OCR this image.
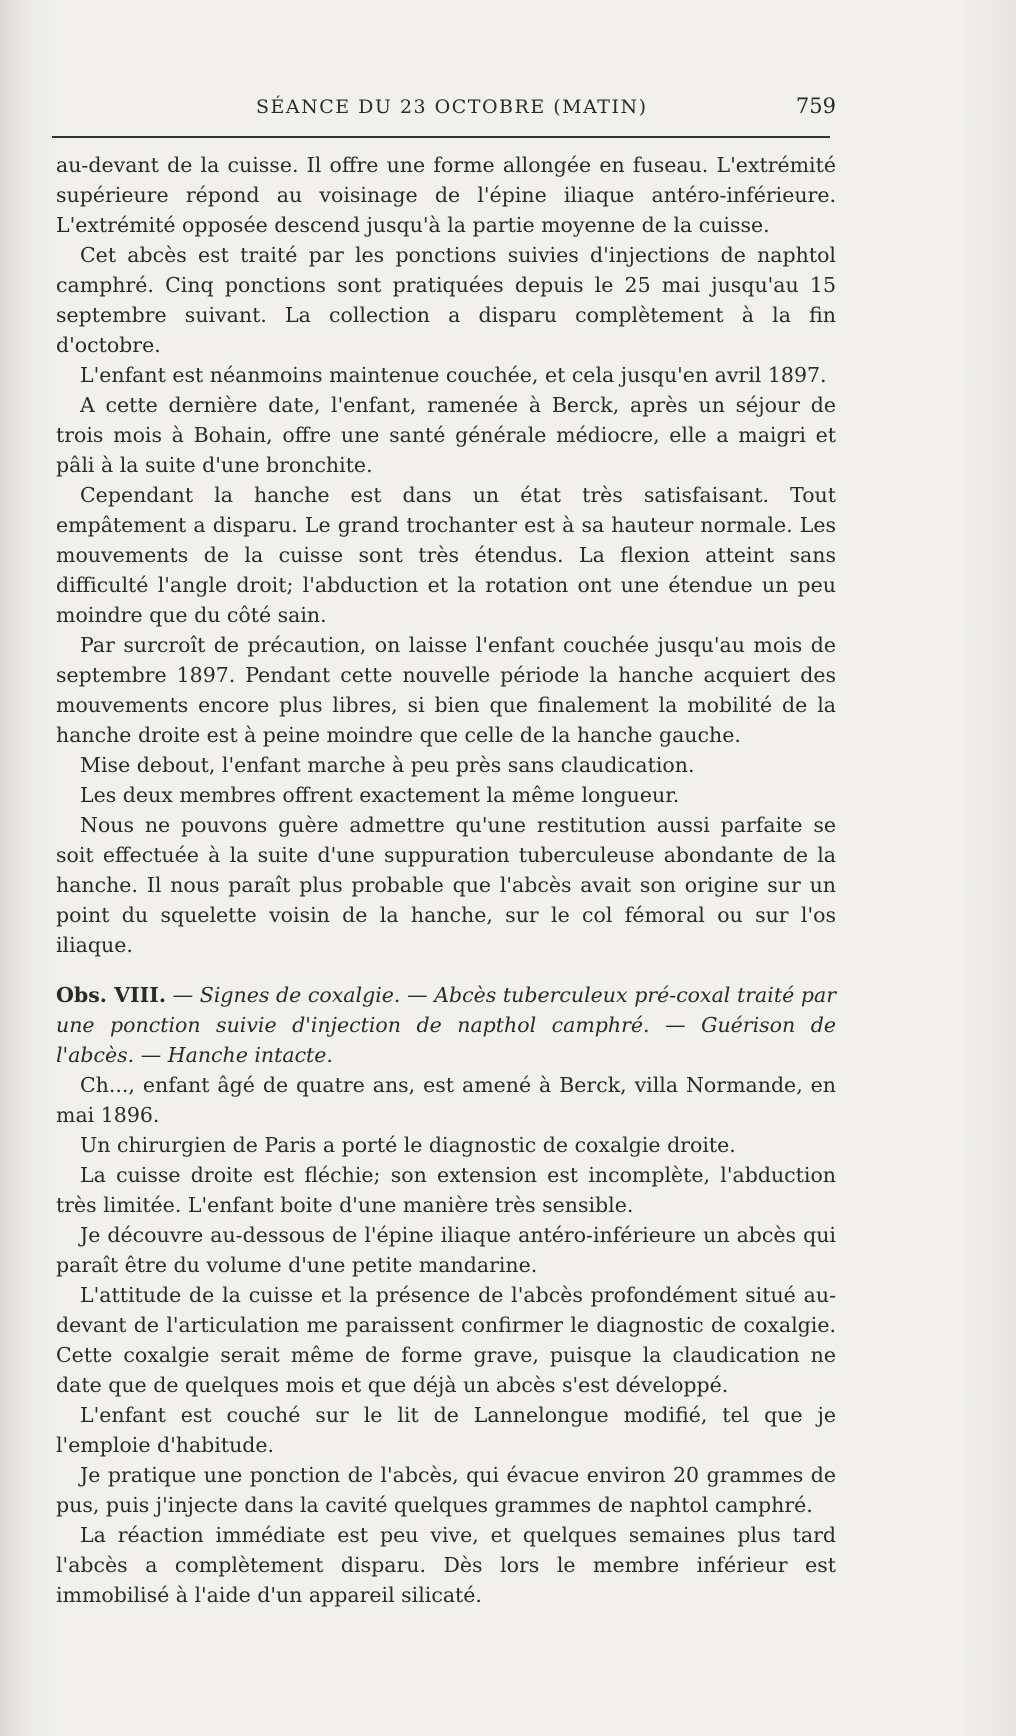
SÉANCE DU 23 OCTOBRE (MATIN)	759

au-devant de la cuisse. Il offre une forme allongée en fuseau. L'extrémité supérieure répond au voisinage de l'épine iliaque antéro-inférieure. L'extrémité opposée descend jusqu'à la partie moyenne de la cuisse.

Cet abcès est traité par les ponctions suivies d'injections de naphtol camphré. Cinq ponctions sont pratiquées depuis le 25 mai jusqu'au 15 septembre suivant. La collection a disparu complètement à la fin d'octobre.

L'enfant est néanmoins maintenue couchée, et cela jusqu'en avril 1897.

A cette dernière date, l'enfant, ramenée à Berck, après un séjour de trois mois à Bohain, offre une santé générale médiocre, elle a maigri et pâli à la suite d'une bronchite.

Cependant la hanche est dans un état très satisfaisant. Tout empâtement a disparu. Le grand trochanter est à sa hauteur normale. Les mouvements de la cuisse sont très étendus. La flexion atteint sans difficulté l'angle droit; l'abduction et la rotation ont une étendue un peu moindre que du côté sain.

Par surcroît de précaution, on laisse l'enfant couchée jusqu'au mois de septembre 1897. Pendant cette nouvelle période la hanche acquiert des mouvements encore plus libres, si bien que finalement la mobilité de la hanche droite est à peine moindre que celle de la hanche gauche.

Mise debout, l'enfant marche à peu près sans claudication.

Les deux membres offrent exactement la même longueur.

Nous ne pouvons guère admettre qu'une restitution aussi parfaite se soit effectuée à la suite d'une suppuration tuberculeuse abondante de la hanche. Il nous paraît plus probable que l'abcès avait son origine sur un point du squelette voisin de la hanche, sur le col fémoral ou sur l'os iliaque.

Obs. VIII. — Signes de coxalgie. — Abcès tuberculeux pré-coxal traité par une ponction suivie d'injection de napthol camphré. — Guérison de l'abcès. — Hanche intacte.

Ch..., enfant âgé de quatre ans, est amené à Berck, villa Normande, en mai 1896.

Un chirurgien de Paris a porté le diagnostic de coxalgie droite.

La cuisse droite est fléchie; son extension est incomplète, l'abduction très limitée. L'enfant boite d'une manière très sensible.

Je découvre au-dessous de l'épine iliaque antéro-inférieure un abcès qui paraît être du volume d'une petite mandarine.

L'attitude de la cuisse et la présence de l'abcès profondément situé au-devant de l'articulation me paraissent confirmer le diagnostic de coxalgie. Cette coxalgie serait même de forme grave, puisque la claudication ne date que de quelques mois et que déjà un abcès s'est développé.

L'enfant est couché sur le lit de Lannelongue modifié, tel que je l'emploie d'habitude.

Je pratique une ponction de l'abcès, qui évacue environ 20 grammes de pus, puis j'injecte dans la cavité quelques grammes de naphtol camphré.

La réaction immédiate est peu vive, et quelques semaines plus tard l'abcès a complètement disparu. Dès lors le membre inférieur est immobilisé à l'aide d'un appareil silicaté.
